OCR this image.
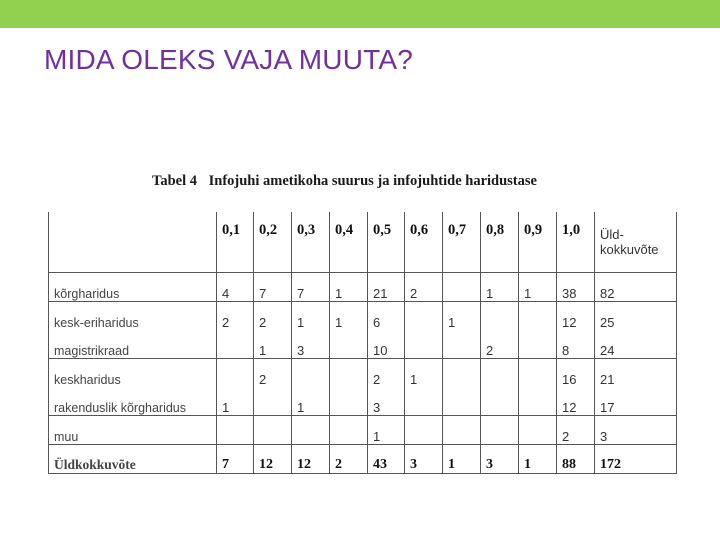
MIDA OLEKS VAJA MUUTA?
Tabel 4 Infojuhi ametikoha suurus ja infojuhtide haridustase
	0,1	0,2	0,3	0,4	0,5	0,6	0,7	0,8	0,9	1,0	Üld-kokkuvõte
kõrgharidus	4	7	7	1	21	2		1	1	38	82
kesk-eriharidus	2	2	1	1	6		1			12	25
magistrikraad		1	3		10			2		8	24
keskharidus		2			2	1				16	21
rakenduslik kõrgharidus	1		1		3					12	17
muu					1					2	3
Üldkokkuvõte	7	12	12	2	43	3	1	3	1	88	172
